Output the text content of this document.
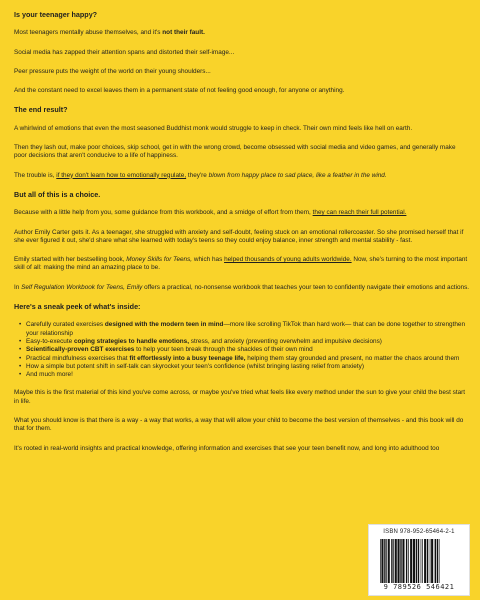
Is your teenager happy?
Most teenagers mentally abuse themselves, and it's not their fault.
Social media has zapped their attention spans and distorted their self-image...
Peer pressure puts the weight of the world on their young shoulders...
And the constant need to excel leaves them in a permanent state of not feeling good enough, for anyone or anything.
The end result?
A whirlwind of emotions that even the most seasoned Buddhist monk would struggle to keep in check. Their own mind feels like hell on earth.
Then they lash out, make poor choices, skip school, get in with the wrong crowd, become obsessed with social media and video games, and generally make poor decisions that aren't conducive to a life of happiness.
The trouble is, if they don't learn how to emotionally regulate, they're blown from happy place to sad place, like a feather in the wind.
But all of this is a choice.
Because with a little help from you, some guidance from this workbook, and a smidge of effort from them, they can reach their full potential.
Author Emily Carter gets it. As a teenager, she struggled with anxiety and self-doubt, feeling stuck on an emotional rollercoaster. So she promised herself that if she ever figured it out, she'd share what she learned with today's teens so they could enjoy balance, inner strength and mental stability - fast.
Emily started with her bestselling book, Money Skills for Teens, which has helped thousands of young adults worldwide. Now, she's turning to the most important skill of all: making the mind an amazing place to be.
In Self Regulation Workbook for Teens, Emily offers a practical, no-nonsense workbook that teaches your teen to confidently navigate their emotions and actions.
Here's a sneak peek of what's inside:
• Carefully curated exercises designed with the modern teen in mind—more like scrolling TikTok than hard work— that can be done together to strengthen your relationship
• Easy-to-execute coping strategies to handle emotions, stress, and anxiety (preventing overwhelm and impulsive decisions)
• Scientifically-proven CBT exercises to help your teen break through the shackles of their own mind
• Practical mindfulness exercises that fit effortlessly into a busy teenage life, helping them stay grounded and present, no matter the chaos around them
• How a simple but potent shift in self-talk can skyrocket your teen's confidence (whilst bringing lasting relief from anxiety)
• And much more!
Maybe this is the first material of this kind you've come across, or maybe you've tried what feels like every method under the sun to give your child the best start in life.
What you should know is that there is a way - a way that works, a way that will allow your child to become the best version of themselves - and this book will do that for them.
It's rooted in real-world insights and practical knowledge, offering information and exercises that see your teen benefit now, and long into adulthood too
ISBN 978-952-65464-2-1
9 789526 546421
